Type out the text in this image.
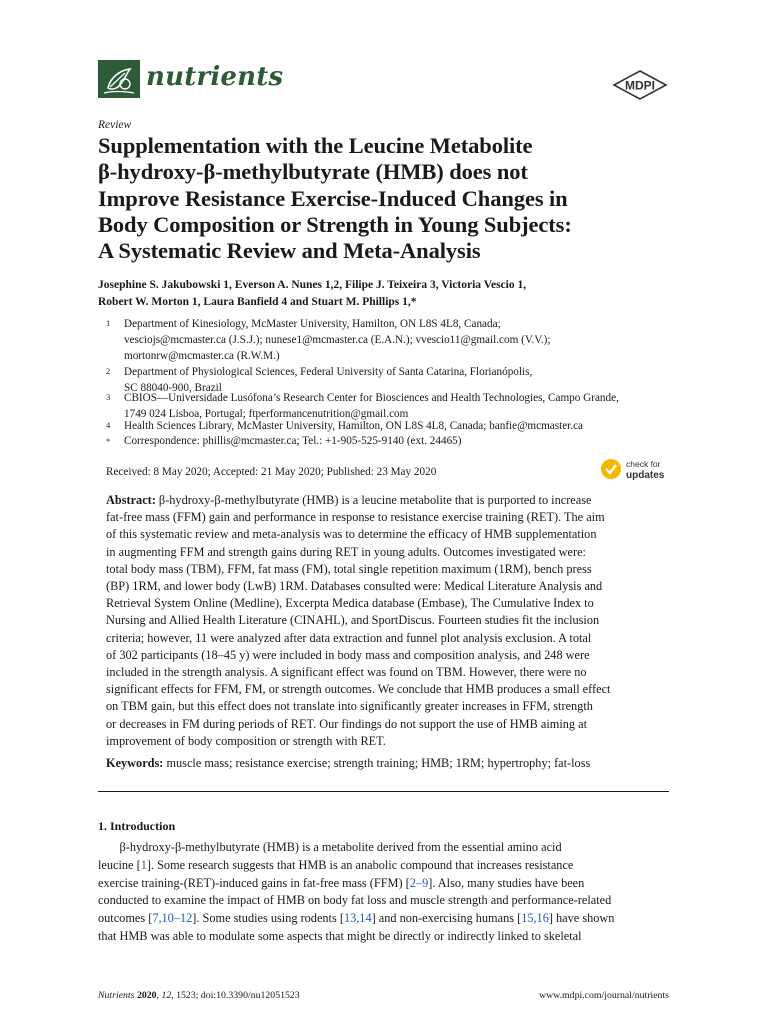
nutrients	MDPI
Review
Supplementation with the Leucine Metabolite
β-hydroxy-β-methylbutyrate (HMB) does not
Improve Resistance Exercise-Induced Changes in
Body Composition or Strength in Young Subjects:
A Systematic Review and Meta-Analysis
Josephine S. Jakubowski 1, Everson A. Nunes 1,2, Filipe J. Teixeira 3, Victoria Vescio 1,
Robert W. Morton 1, Laura Banfield 4 and Stuart M. Phillips 1,*
1 Department of Kinesiology, McMaster University, Hamilton, ON L8S 4L8, Canada;
vesciojs@mcmaster.ca (J.S.J.); nunese1@mcmaster.ca (E.A.N.); vvescio11@gmail.com (V.V.);
mortonrw@mcmaster.ca (R.W.M.)
2 Department of Physiological Sciences, Federal University of Santa Catarina, Florianópolis,
SC 88040-900, Brazil
3 CBIOS—Universidade Lusófona’s Research Center for Biosciences and Health Technologies, Campo Grande,
1749 024 Lisboa, Portugal; ftperformancenutrition@gmail.com
4 Health Sciences Library, McMaster University, Hamilton, ON L8S 4L8, Canada; banfie@mcmaster.ca
* Correspondence: phillis@mcmaster.ca; Tel.: +1-905-525-9140 (ext. 24465)
Received: 8 May 2020; Accepted: 21 May 2020; Published: 23 May 2020
check for
updates
Abstract: β-hydroxy-β-methylbutyrate (HMB) is a leucine metabolite that is purported to increase
fat-free mass (FFM) gain and performance in response to resistance exercise training (RET). The aim
of this systematic review and meta-analysis was to determine the efficacy of HMB supplementation
in augmenting FFM and strength gains during RET in young adults. Outcomes investigated were:
total body mass (TBM), FFM, fat mass (FM), total single repetition maximum (1RM), bench press
(BP) 1RM, and lower body (LwB) 1RM. Databases consulted were: Medical Literature Analysis and
Retrieval System Online (Medline), Excerpta Medica database (Embase), The Cumulative Index to
Nursing and Allied Health Literature (CINAHL), and SportDiscus. Fourteen studies fit the inclusion
criteria; however, 11 were analyzed after data extraction and funnel plot analysis exclusion. A total
of 302 participants (18–45 y) were included in body mass and composition analysis, and 248 were
included in the strength analysis. A significant effect was found on TBM. However, there were no
significant effects for FFM, FM, or strength outcomes. We conclude that HMB produces a small effect
on TBM gain, but this effect does not translate into significantly greater increases in FFM, strength
or decreases in FM during periods of RET. Our findings do not support the use of HMB aiming at
improvement of body composition or strength with RET.
Keywords: muscle mass; resistance exercise; strength training; HMB; 1RM; hypertrophy; fat-loss
1. Introduction
β-hydroxy-β-methylbutyrate (HMB) is a metabolite derived from the essential amino acid
leucine [1]. Some research suggests that HMB is an anabolic compound that increases resistance
exercise training-(RET)-induced gains in fat-free mass (FFM) [2–9]. Also, many studies have been
conducted to examine the impact of HMB on body fat loss and muscle strength and performance-related
outcomes [7,10–12]. Some studies using rodents [13,14] and non-exercising humans [15,16] have shown
that HMB was able to modulate some aspects that might be directly or indirectly linked to skeletal
Nutrients 2020, 12, 1523; doi:10.3390/nu12051523	www.mdpi.com/journal/nutrients
